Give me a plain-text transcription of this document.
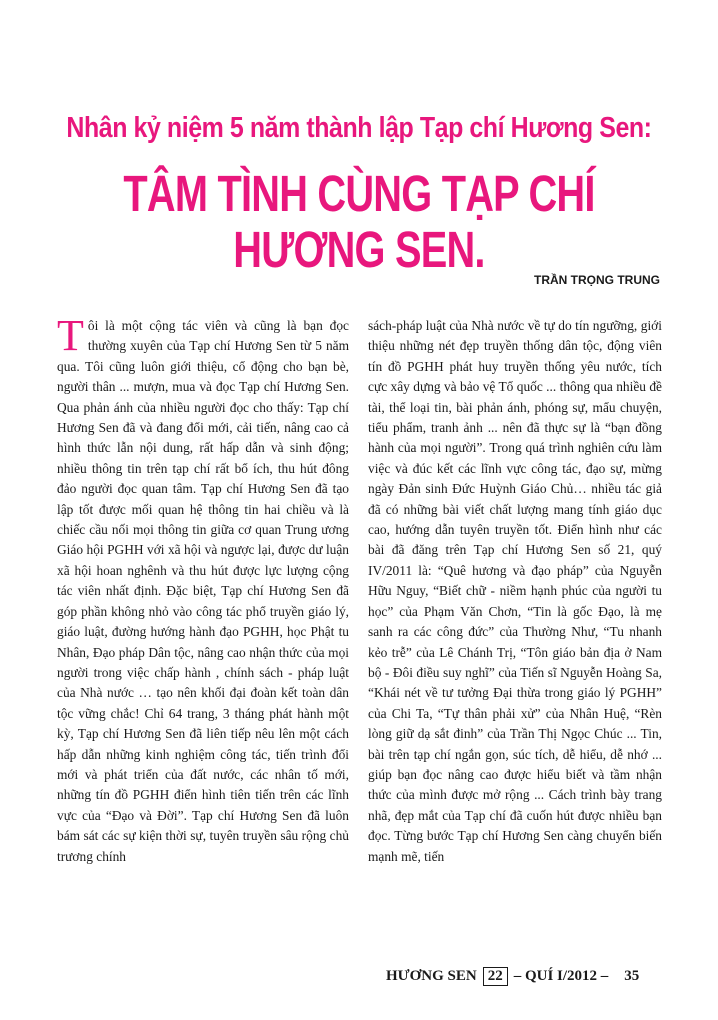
Nhân kỷ niệm 5 năm thành lập Tạp chí Hương Sen:
TÂM TÌNH CÙNG TẠP CHÍ HƯƠNG SEN.
TRẦN TRỌNG TRUNG
Tôi là một cộng tác viên và cũng là bạn đọc thường xuyên của Tạp chí Hương Sen từ 5 năm qua. Tôi cũng luôn giới thiệu, cổ động cho bạn bè, người thân ... mượn, mua và đọc Tạp chí Hương Sen. Qua phản ánh của nhiều người đọc cho thấy: Tạp chí Hương Sen đã và đang đổi mới, cải tiến, nâng cao cả hình thức lẫn nội dung, rất hấp dẫn và sinh động; nhiều thông tin trên tạp chí rất bổ ích, thu hút đông đảo người đọc quan tâm. Tạp chí Hương Sen đã tạo lập tốt được mối quan hệ thông tin hai chiều và là chiếc cầu nối mọi thông tin giữa cơ quan Trung ương Giáo hội PGHH với xã hội và ngược lại, được dư luận xã hội hoan nghênh và thu hút được lực lượng cộng tác viên nhất định. Đặc biệt, Tạp chí Hương Sen đã góp phần không nhỏ vào công tác phổ truyền giáo lý, giáo luật, đường hướng hành đạo PGHH, học Phật tu Nhân, Đạo pháp Dân tộc, nâng cao nhận thức của mọi người trong việc chấp hành , chính sách - pháp luật của Nhà nước … tạo nên khối đại đoàn kết toàn dân tộc vững chắc! Chỉ 64 trang, 3 tháng phát hành một kỳ, Tạp chí Hương Sen đã liên tiếp nêu lên một cách hấp dẫn những kinh nghiệm công tác, tiến trình đổi mới và phát triển của đất nước, các nhân tố mới, những tín đồ PGHH điển hình tiên tiến trên các lĩnh vực của “Đạo và Đời”. Tạp chí Hương Sen đã luôn bám sát các sự kiện thời sự, tuyên truyền sâu rộng chủ trương chính
sách-pháp luật của Nhà nước về tự do tín ngưỡng, giới thiệu những nét đẹp truyền thống dân tộc, động viên tín đồ PGHH phát huy truyền thống yêu nước, tích cực xây dựng và bảo vệ Tổ quốc ... thông qua nhiều đề tài, thể loại tin, bài phản ánh, phóng sự, mẩu chuyện, tiểu phẩm, tranh ảnh ... nên đã thực sự là “bạn đồng hành của mọi người”. Trong quá trình nghiên cứu làm việc và đúc kết các lĩnh vực công tác, đạo sự, mừng ngày Đản sinh Đức Huỳnh Giáo Chủ… nhiều tác giả đã có những bài viết chất lượng mang tính giáo dục cao, hướng dẫn tuyên truyền tốt. Điển hình như các bài đã đăng trên Tạp chí Hương Sen số 21, quý IV/2011 là: “Quê hương và đạo pháp” của Nguyễn Hữu Nguy, “Biết chữ - niềm hạnh phúc của người tu học” của Phạm Văn Chơn, “Tin là gốc Đạo, là mẹ sanh ra các công đức” của Thường Như, “Tu nhanh kẻo trễ” của Lê Chánh Trị, “Tôn giáo bản địa ở Nam bộ - Đôi điều suy nghĩ” của Tiến sĩ Nguyễn Hoàng Sa, “Khái nét về tư tưởng Đại thừa trong giáo lý PGHH” của Chi Ta, “Tự thân phải xử” của Nhân Huệ, “Rèn lòng giữ dạ sắt đinh” của Trần Thị Ngọc Chúc ... Tin, bài trên tạp chí ngắn gọn, súc tích, dễ hiểu, dễ nhớ ... giúp bạn đọc nâng cao được hiểu biết và tầm nhận thức của mình được mở rộng ... Cách trình bày trang nhã, đẹp mắt của Tạp chí đã cuốn hút được nhiều bạn đọc. Từng bước Tạp chí Hương Sen càng chuyển biến mạnh mẽ, tiến
HƯƠNG SEN 22 – QUÍ I/2012 – 35
